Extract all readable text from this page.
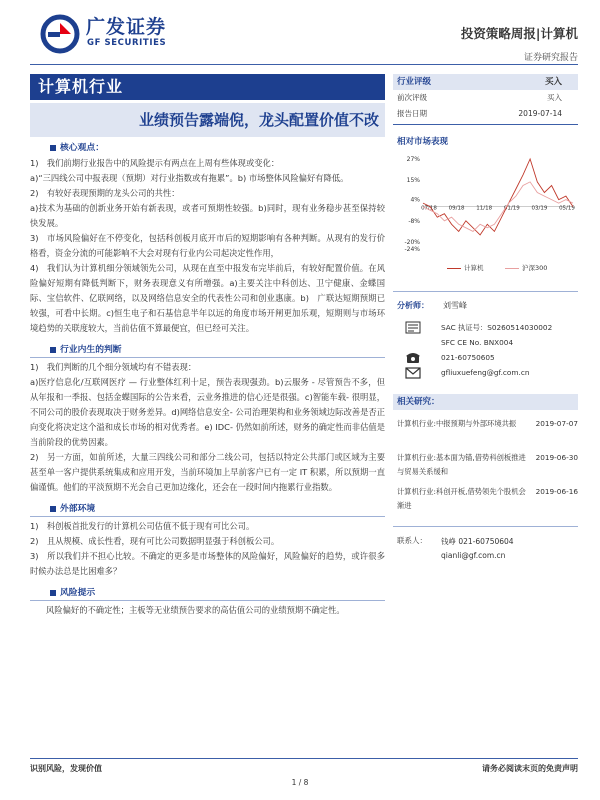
广发证券
GF SECURITIES
投资策略周报|计算机
证券研究报告
计算机行业
业绩预告露端倪，龙头配置价值不改
核心观点：
1)　我们前期行业报告中的风险提示有两点在上周有些体现或变化：
a)“三四线公司中报表现（预期）对行业指数或有拖累”。b) 市场整体风险偏好有降低。
2)　有较好表现预期的龙头公司的共性：
a)技术为基础的创新业务开始有新表现，或者可预期性较强。b)同时，现有业务稳步甚至保持较快发展。
3)　市场风险偏好在不停变化，包括科创板月底开市后的短期影响有各种判断。从现有的发行价格看，资金分流的可能影响不大会对现有行业内公司起决定性作用，
4)　我们认为计算机细分领域领先公司，从现在直至中报发布完毕前后，有较好配置价值。在风险偏好短期有降低判断下，财务表现意义有所增强。a)主要关注中科创达、卫宁健康、金蝶国际、宝信软件、亿联网络，以及网络信息安全的代表性公司和创业惠康。b)　广联达短期预期已较强，可看中长期。c)恒生电子和石基信息半年以远的角度市场开闸更加乐观，短期则与市场环境趋势的关联度较大，当前估值不算最便宜，但已经可关注。
行业内生的判断
1)　我们判断的几个细分领域均有不错表现：
a)医疗信息化/互联网医疗 — 行业整体红利十足，预告表现强劲。b)云服务 - 尽管预告不多，但从年报和一季报、包括金蝶国际的公告来看，云业务推进的信心还是很强。c)智能车载- 很明显，不同公司的股价表现取决于财务差异。d)网络信息安全- 公司治理架构和业务领域边际改善是否正向变化将决定这个溢和成长市场的相对优秀者。e) IDC- 仍然如前所述，财务的确定性而非估值是当前阶段的优势因素。
2)　另一方面，如前所述，大量三四线公司和部分二线公司，包括以特定公共部门或区域为主要甚至单一客户提供系统集成和应用开发，当前环境加上早前客户已有一定 IT 积累，所以预期一直偏谨慎。他们的平淡预期不光会自己更加边缘化，还会在一段时间内拖累行业指数。
外部环境
1)　科创板首批发行的计算机公司估值不低于现有可比公司。
2)　且从规模、成长性看，现有可比公司数据明显强于科创板公司。
3)　所以我们并不担心比较。不确定的更多是市场整体的风险偏好，风险偏好的趋势，或许很多时候办法总是比困难多？
风险提示
风险偏好的不确定性；主板等无业绩预告要求的高估值公司的业绩预期不确定性。
行业评级	买入
前次评级	买入
报告日期	2019-07-14
相对市场表现
27%
15%
4%
-8%
-20%
-24%
07/18 09/18 11/18 01/19 03/19 05/19
计算机	沪深300
分析师： 刘雪峰
SAC 执证号：S0260514030002
SFC CE No. BNX004
021-60750605
gfliuxuefeng@gf.com.cn
相关研究：
计算机行业:中报预期与外部环境共振	2019-07-07
计算机行业:基本面为锚,借势科创板推进与贸易关系缓和
2019-06-30
计算机行业:科创开板,借势领先个股机会渐进
2019-06-16
联系人： 钱峥 021-60750604
qianli@gf.com.cn
识别风险，发现价值	请务必阅读末页的免责声明
1 / 8
